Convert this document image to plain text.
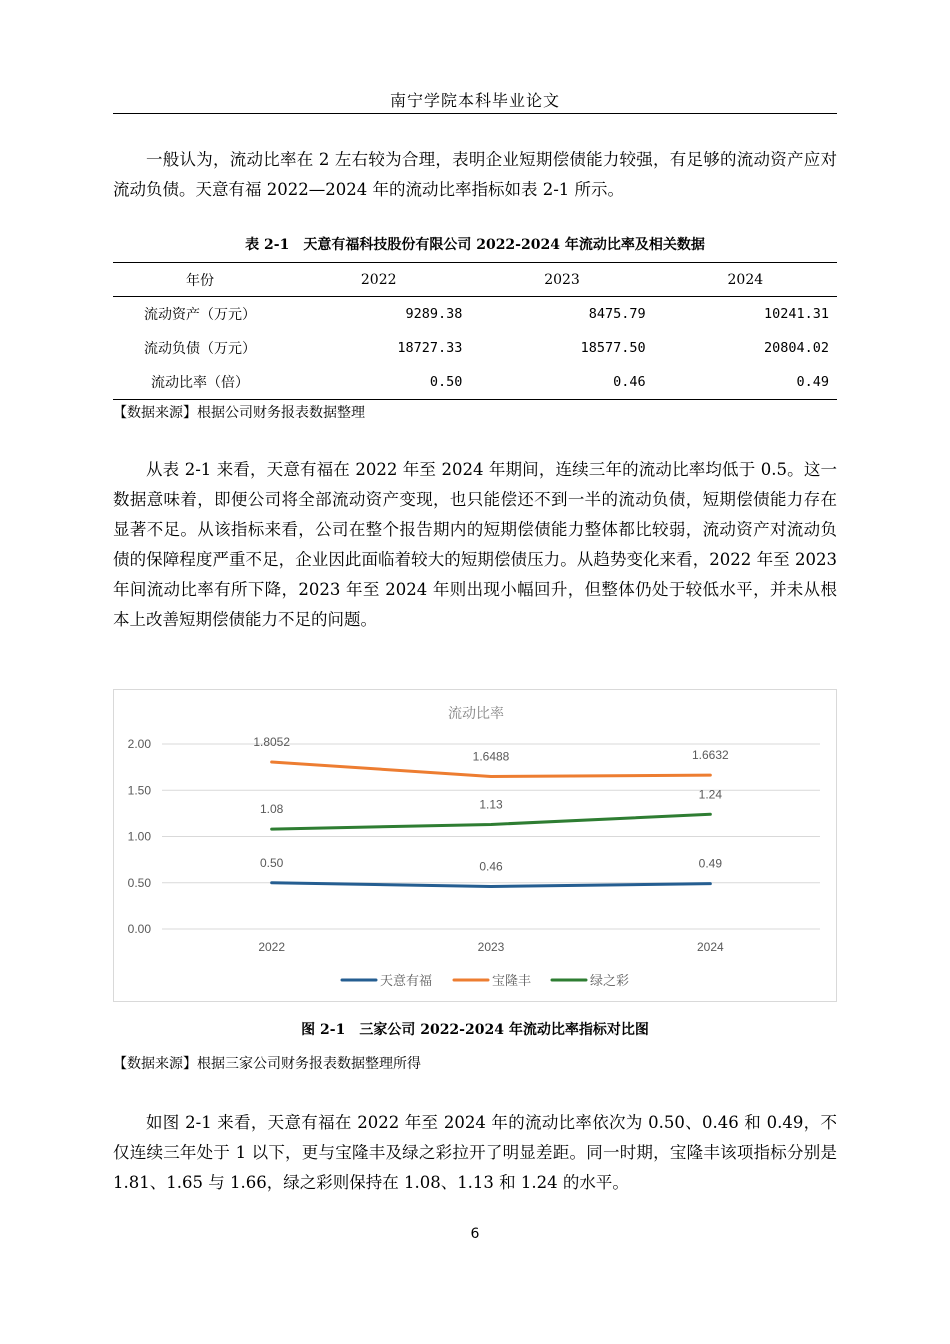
南宁学院本科毕业论文

一般认为，流动比率在 2 左右较为合理，表明企业短期偿债能力较强，有足够的流动资产应对流动负债。天意有福 2022—2024 年的流动比率指标如表 2-1 所示。

表 2-1　天意有福科技股份有限公司 2022-2024 年流动比率及相关数据
年份	2022	2023	2024
流动资产（万元）	9289.38	8475.79	10241.31
流动负债（万元）	18727.33	18577.50	20804.02
流动比率（倍）	0.50	0.46	0.49
【数据来源】根据公司财务报表数据整理

从表 2-1 来看，天意有福在 2022 年至 2024 年期间，连续三年的流动比率均低于 0.5。这一数据意味着，即便公司将全部流动资产变现，也只能偿还不到一半的流动负债，短期偿债能力存在显著不足。从该指标来看，公司在整个报告期内的短期偿债能力整体都比较弱，流动资产对流动负债的保障程度严重不足，企业因此面临着较大的短期偿债压力。从趋势变化来看，2022 年至 2023 年间流动比率有所下降，2023 年至 2024 年则出现小幅回升，但整体仍处于较低水平，并未从根本上改善短期偿债能力不足的问题。

流动比率
0.00
0.50
1.00
1.50
2.00
2022	2023	2024
0.50	0.46	0.49
1.8052
1.6488	1.6632
1.08	1.13
1.24
天意有福	宝隆丰	绿之彩
图 2-1　三家公司 2022-2024 年流动比率指标对比图
【数据来源】根据三家公司财务报表数据整理所得

如图 2-1 来看，天意有福在 2022 年至 2024 年的流动比率依次为 0.50、0.46 和 0.49，不仅连续三年处于 1 以下，更与宝隆丰及绿之彩拉开了明显差距。同一时期，宝隆丰该项指标分别是 1.81、1.65 与 1.66，绿之彩则保持在 1.08、1.13 和 1.24 的水平。

6
